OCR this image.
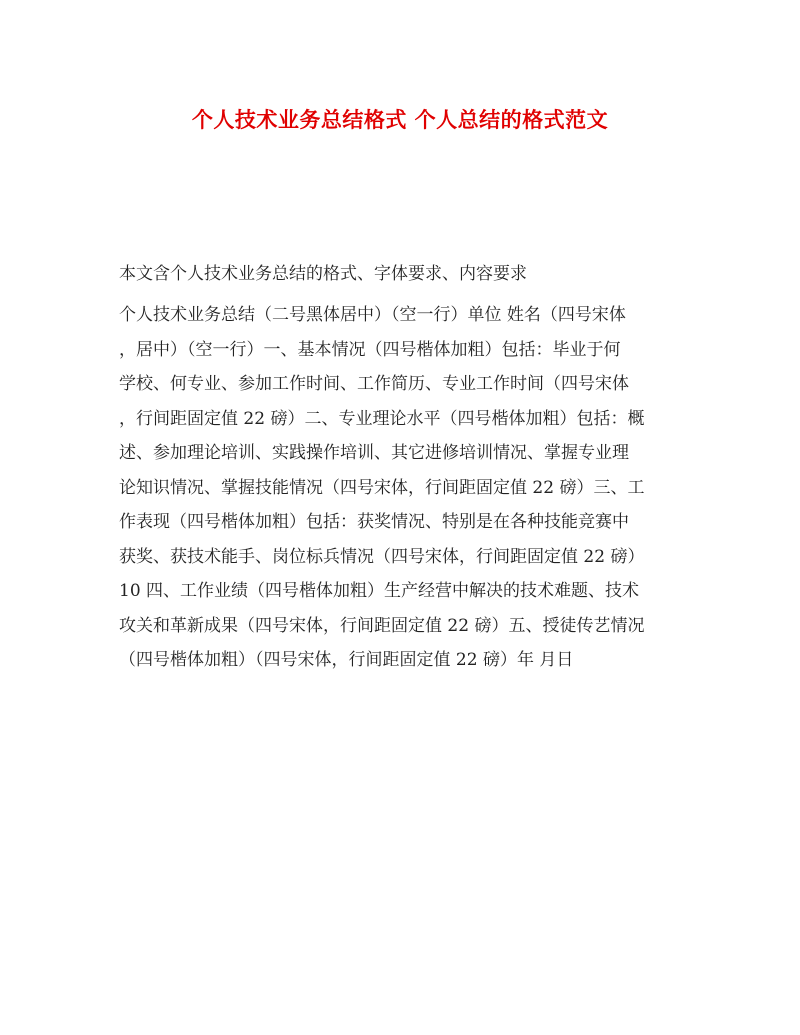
个人技术业务总结格式 个人总结的格式范文
本文含个人技术业务总结的格式、字体要求、内容要求
个人技术业务总结（二号黑体居中）（空一行）单位 姓名（四号宋体
，居中）（空一行）一、基本情况（四号楷体加粗）包括：毕业于何
学校、何专业、参加工作时间、工作简历、专业工作时间（四号宋体
，行间距固定值 22 磅）二、专业理论水平（四号楷体加粗）包括：概
述、参加理论培训、实践操作培训、其它进修培训情况、掌握专业理
论知识情况、掌握技能情况（四号宋体，行间距固定值 22 磅）三、工
作表现（四号楷体加粗）包括：获奖情况、特别是在各种技能竞赛中
获奖、获技术能手、岗位标兵情况（四号宋体，行间距固定值 22 磅）
10 四、工作业绩（四号楷体加粗）生产经营中解决的技术难题、技术
攻关和革新成果（四号宋体，行间距固定值 22 磅）五、授徒传艺情况
（四号楷体加粗）（四号宋体，行间距固定值 22 磅）年 月日
